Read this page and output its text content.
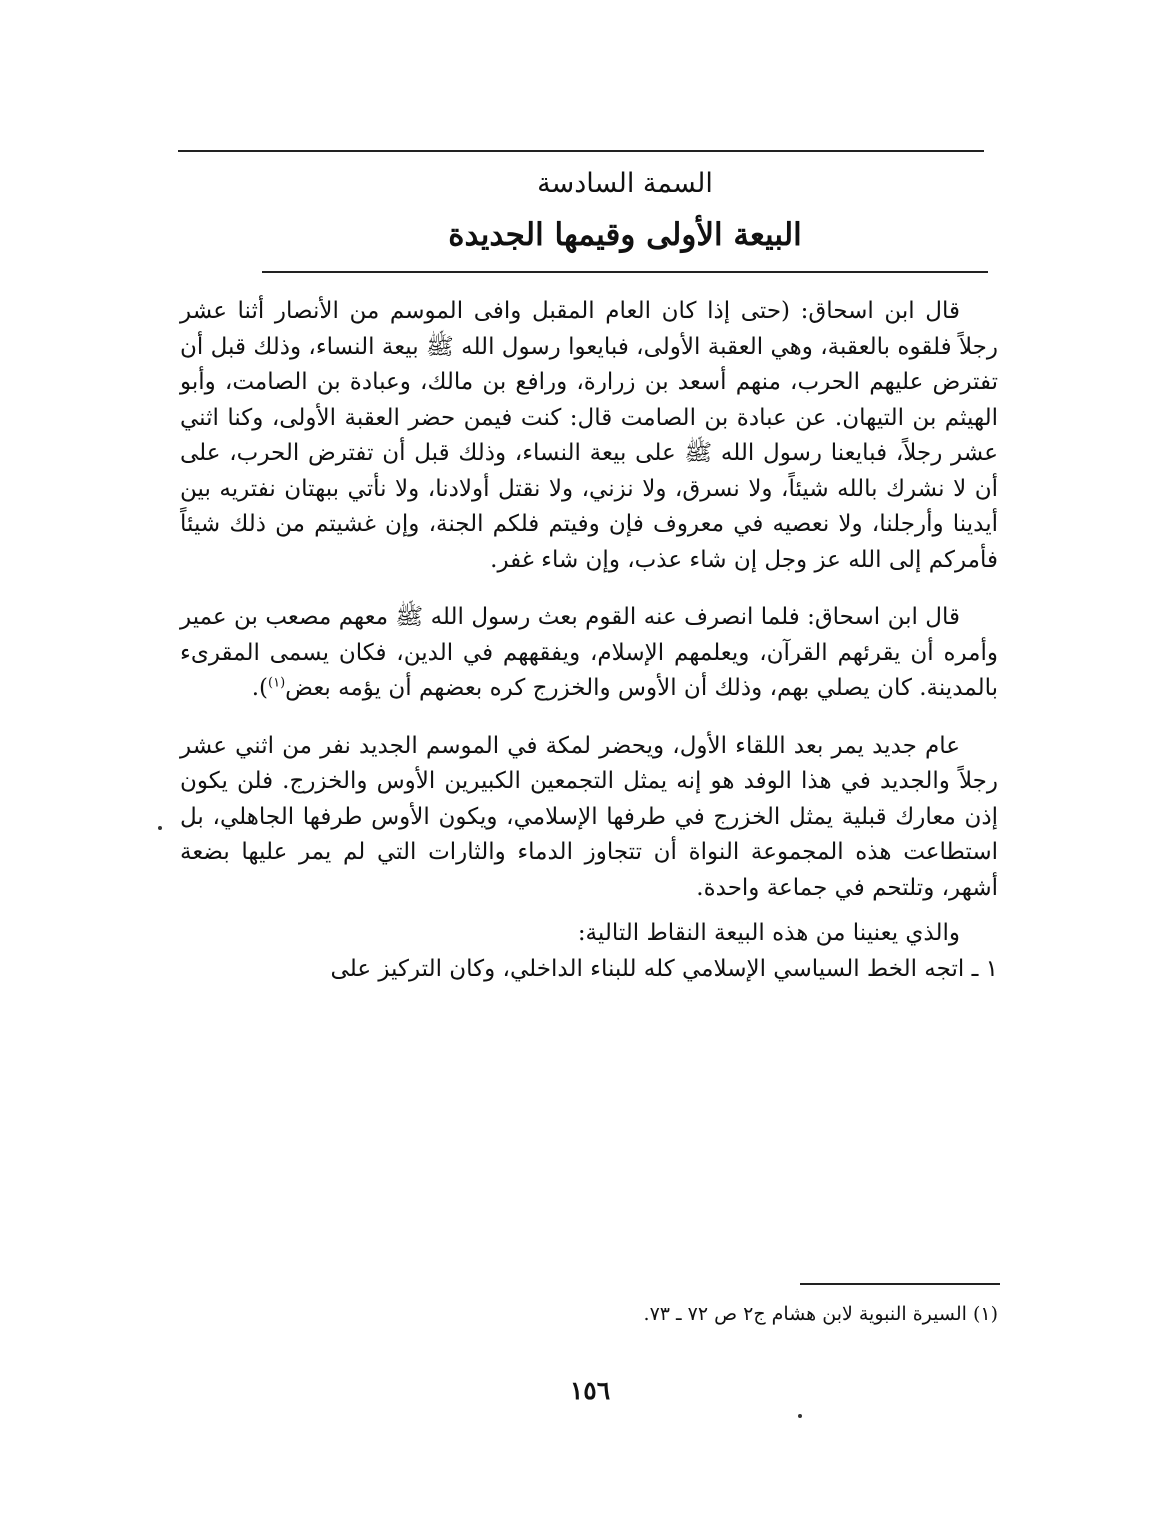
السمة السادسة
البيعة الأولى وقيمها الجديدة

قال ابن اسحاق: (حتى إذا كان العام المقبل وافى الموسم من الأنصار أثنا عشر رجلاً فلقوه بالعقبة، وهي العقبة الأولى، فبايعوا رسول الله ﷺ بيعة النساء، وذلك قبل أن تفترض عليهم الحرب، منهم أسعد بن زرارة، ورافع بن مالك، وعبادة بن الصامت، وأبو الهيثم بن التيهان. عن عبادة بن الصامت قال: كنت فيمن حضر العقبة الأولى، وكنا اثني عشر رجلاً، فبايعنا رسول الله ﷺ على بيعة النساء، وذلك قبل أن تفترض الحرب، على أن لا نشرك بالله شيئاً، ولا نسرق، ولا نزني، ولا نقتل أولادنا، ولا نأتي ببهتان نفتريه بين أيدينا وأرجلنا، ولا نعصيه في معروف فإن وفيتم فلكم الجنة، وإن غشيتم من ذلك شيئاً فأمركم إلى الله عز وجل إن شاء عذب، وإن شاء غفر.

قال ابن اسحاق: فلما انصرف عنه القوم بعث رسول الله ﷺ معهم مصعب بن عمير وأمره أن يقرئهم القرآن، ويعلمهم الإسلام، ويفقههم في الدين، فكان يسمى المقرىء بالمدينة. كان يصلي بهم، وذلك أن الأوس والخزرج كره بعضهم أن يؤمه بعض$^{(١)}$).

عام جديد يمر بعد اللقاء الأول، ويحضر لمكة في الموسم الجديد نفر من اثني عشر رجلاً والجديد في هذا الوفد هو إنه يمثل التجمعين الكبيرين الأوس والخزرج. فلن يكون إذن معارك قبلية يمثل الخزرج في طرفها الإسلامي، ويكون الأوس طرفها الجاهلي، بل استطاعت هذه المجموعة النواة أن تتجاوز الدماء والثارات التي لم يمر عليها بضعة أشهر، وتلتحم في جماعة واحدة.

والذي يعنينا من هذه البيعة النقاط التالية:

١ ـ اتجه الخط السياسي الإسلامي كله للبناء الداخلي، وكان التركيز على

(١) السيرة النبوية لابن هشام ج٢ ص ٧٢ ـ ٧٣.
١٥٦
